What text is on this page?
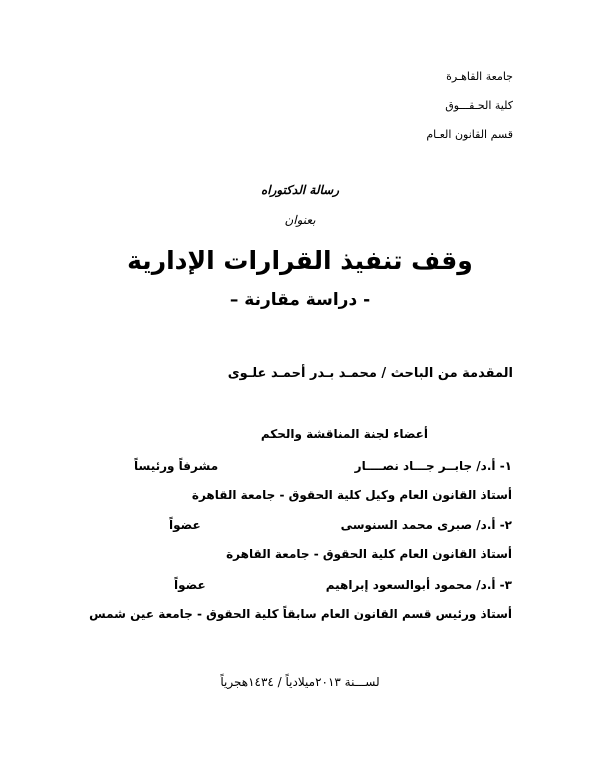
جامعة القاهـرة
كلية الحـقـــوق
قسم القانون العـام
رسالة الدكتوراه
بعنوان
وقف تنفيذ القرارات الإدارية
- دراسة مقارنة –
المقدمة من الباحث / محمـد بـدر أحمـد علـوى
أعضاء لجنة المناقشة والحكم
١- أ.د/ جابــر جـــاد نصــــار
مشرفاً ورئيساً
أستاذ القانون العام وكيل كلية الحقوق - جامعة القاهرة
٢- أ.د/ صبرى محمد السنوسى
عضواً
أستاذ القانون العام كلية الحقوق - جامعة القاهرة
٣- أ.د/ محمود أبوالسعود إبراهيم
عضواً
أستاذ ورئيس قسم القانون العام سابقاً كلية الحقوق - جامعة عين شمس
لســـنة ٢٠١٣ميلادياً / ١٤٣٤هجرياً
